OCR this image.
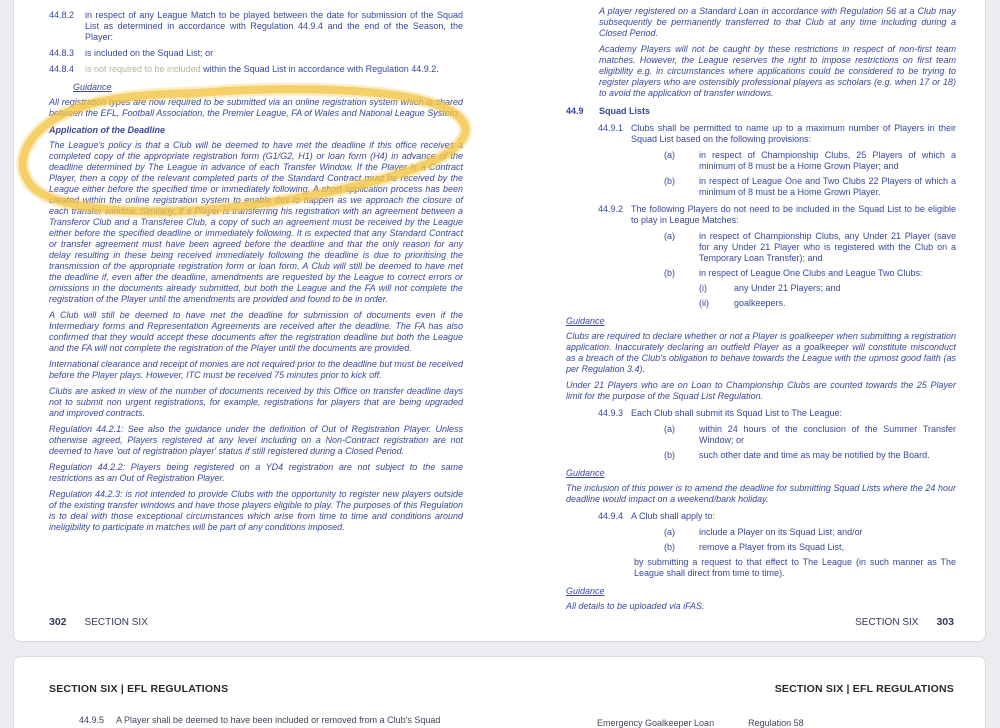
44.8.2	in respect of any League Match to be played between the date for submission of the Squad List as determined in accordance with Regulation 44.9.4 and the end of the Season, the Player:
44.8.3	is included on the Squad List; or
44.8.4	is not required to be included within the Squad List in accordance with Regulation 44.9.2.
Guidance
All registration types are now required to be submitted via an online registration system which is shared between the EFL, Football Association, the Premier League, FA of Wales and National League System.
Application of the Deadline
The League's policy is that a Club will be deemed to have met the deadline if this office receives a completed copy of the appropriate registration form (G1/G2, H1) or loan form (H4) in advance of the deadline determined by The League in advance of each Transfer Window. If the Player is a Contract Player, then a copy of the relevant completed parts of the Standard Contract must be received by the League either before the specified time or immediately following. A short application process has been created within the online registration system to enable this to happen as we approach the closure of each transfer window. Similarly, if a Player is transferring his registration with an agreement between a Transferor Club and a Transferee Club, a copy of such an agreement must be received by the League either before the specified deadline or immediately following. It is expected that any Standard Contract or transfer agreement must have been agreed before the deadline and that the only reason for any delay resulting in these being received immediately following the deadline is due to prioritising the transmission of the appropriate registration form or loan form. A Club will still be deemed to have met the deadline if, even after the deadline, amendments are requested by the League to correct errors or omissions in the documents already submitted, but both the League and the FA will not complete the registration of the Player until the amendments are provided and found to be in order.
A Club will still be deemed to have met the deadline for submission of documents even if the Intermediary forms and Representation Agreements are received after the deadline. The FA has also confirmed that they would accept these documents after the registration deadline but both the League and the FA will not complete the registration of the Player until the documents are provided.
International clearance and receipt of monies are not required prior to the deadline but must be received before the Player plays. However, ITC must be received 75 minutes prior to kick off.
Clubs are asked in view of the number of documents received by this Office on transfer deadline days not to submit non urgent registrations, for example, registrations for players that are being upgraded and improved contracts.
Regulation 44.2.1: See also the guidance under the definition of Out of Registration Player. Unless otherwise agreed, Players registered at any level including on a Non-Contract registration are not deemed to have 'out of registration player' status if still registered during a Closed Period.
Regulation 44.2.2: Players being registered on a YD4 registration are not subject to the same restrictions as an Out of Registration Player.
Regulation 44.2.3: is not intended to provide Clubs with the opportunity to register new players outside of the existing transfer windows and have those players eligible to play. The purposes of this Regulation is to deal with those exceptional circumstances which arise from time to time and conditions around ineligibility to participate in matches will be part of any conditions imposed.
A player registered on a Standard Loan in accordance with Regulation 56 at a Club may subsequently be permanently transferred to that Club at any time including during a Closed Period.
Academy Players will not be caught by these restrictions in respect of non-first team matches. However, the League reserves the right to impose restrictions on first team eligibility e.g. in circumstances where applications could be considered to be trying to register players who are ostensibly professional players as scholars (e.g. when 17 or 18) to avoid the application of transfer windows.
44.9	Squad Lists
44.9.1 Clubs shall be permitted to name up to a maximum number of Players in their Squad List based on the following provisions:
(a)	in respect of Championship Clubs, 25 Players of which a minimum of 8 must be a Home Grown Player; and
(b)	in respect of League One and Two Clubs 22 Players of which a minimum of 8 must be a Home Grown Player.
44.9.2 The following Players do not need to be included in the Squad List to be eligible to play in League Matches:
(a)	in respect of Championship Clubs, any Under 21 Player (save for any Under 21 Player who is registered with the Club on a Temporary Loan Transfer); and
(b)	in respect of League One Clubs and League Two Clubs:
(i)	any Under 21 Players; and
(ii)	goalkeepers.
Guidance
Clubs are required to declare whether or not a Player is goalkeeper when submitting a registration application. Inaccurately declaring an outfield Player as a goalkeeper will constitute misconduct as a breach of the Club's obligation to behave towards the League with the upmost good faith (as per Regulation 3.4).
Under 21 Players who are on Loan to Championship Clubs are counted towards the 25 Player limit for the purpose of the Squad List Regulation.
44.9.3 Each Club shall submit its Squad List to The League:
(a)	within 24 hours of the conclusion of the Summer Transfer Window; or
(b)	such other date and time as may be notified by the Board.
Guidance
The inclusion of this power is to amend the deadline for submitting Squad Lists where the 24 hour deadline would impact on a weekend/bank holiday.
44.9.4 A Club shall apply to:
(a)	include a Player on its Squad List; and/or
(b)	remove a Player from its Squad List,
by submitting a request to that effect to The League (in such manner as The League shall direct from time to time).
Guidance
All details to be uploaded via iFAS.
302 SECTION SIX	SECTION SIX 303
SECTION SIX | EFL REGULATIONS	SECTION SIX | EFL REGULATIONS
44.9.5	A Player shall be deemed to have been included or removed from a Club's Squad	Emergency Goalkeeper Loan	Regulation 58
